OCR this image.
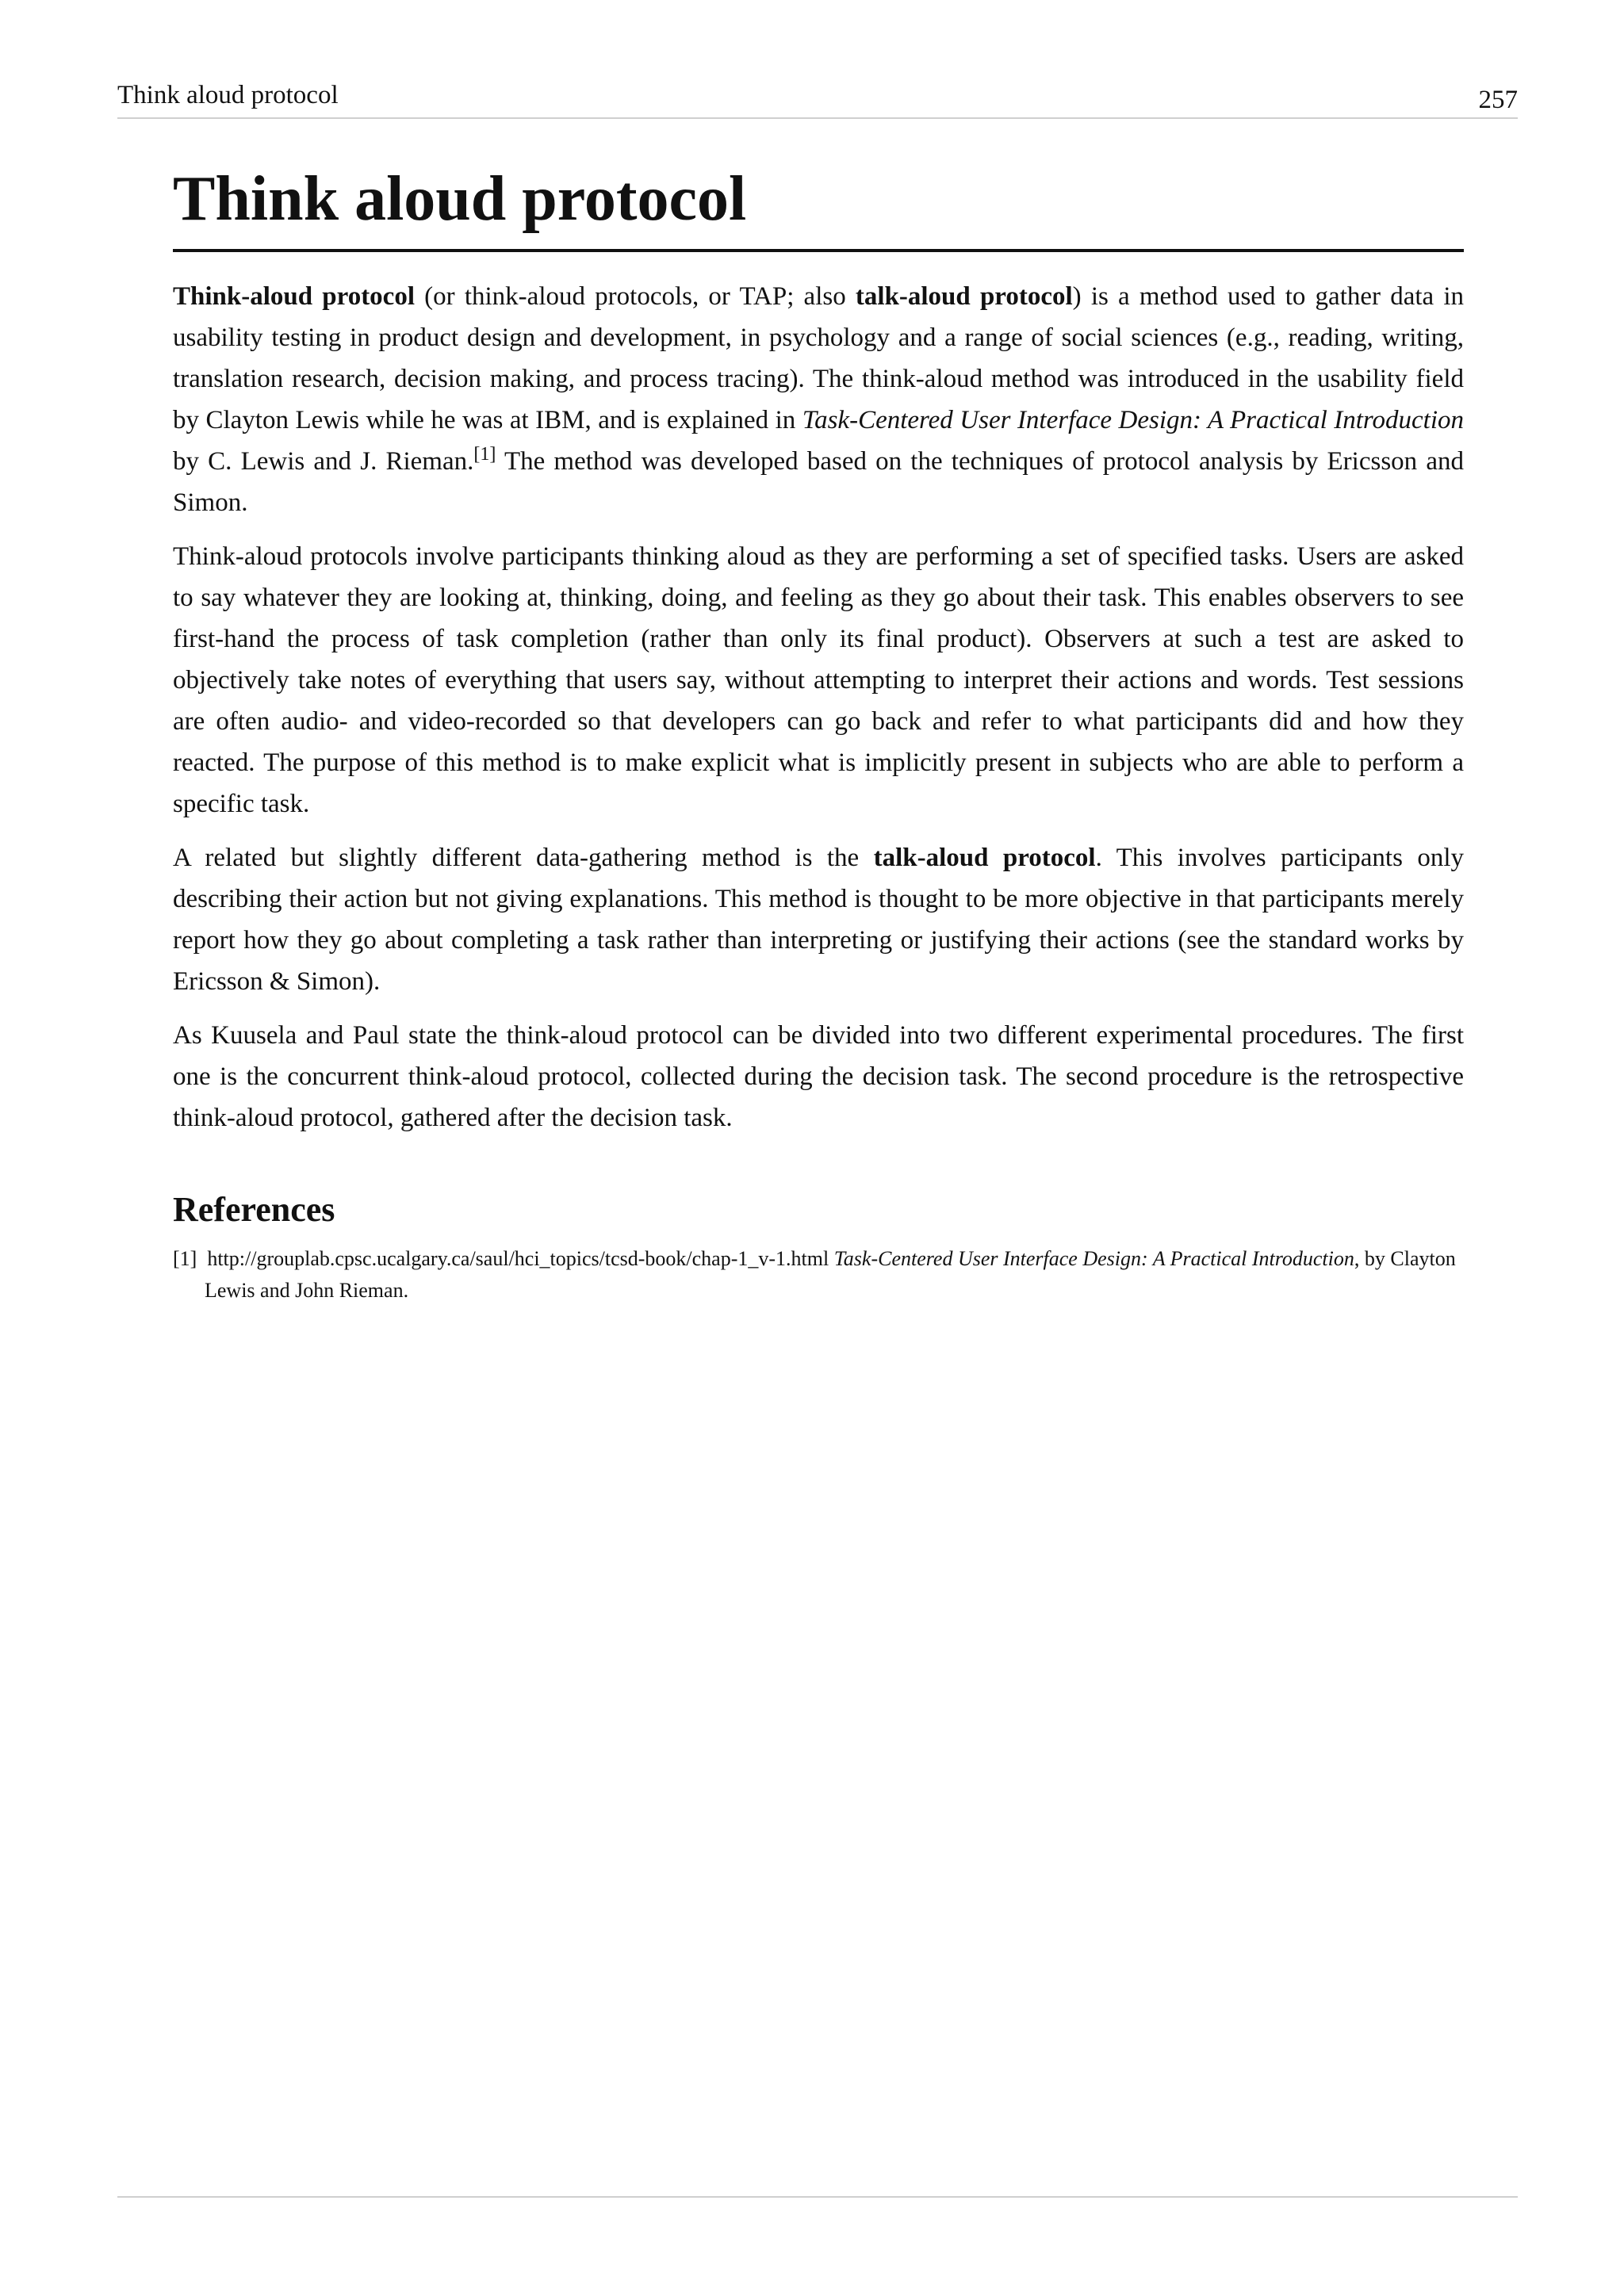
Think aloud protocol	257
Think aloud protocol

Think-aloud protocol (or think-aloud protocols, or TAP; also talk-aloud protocol) is a method used to gather data in usability testing in product design and development, in psychology and a range of social sciences (e.g., reading, writing, translation research, decision making, and process tracing). The think-aloud method was introduced in the usability field by Clayton Lewis while he was at IBM, and is explained in Task-Centered User Interface Design: A Practical Introduction by C. Lewis and J. Rieman.[1] The method was developed based on the techniques of protocol analysis by Ericsson and Simon.

Think-aloud protocols involve participants thinking aloud as they are performing a set of specified tasks. Users are asked to say whatever they are looking at, thinking, doing, and feeling as they go about their task. This enables observers to see first-hand the process of task completion (rather than only its final product). Observers at such a test are asked to objectively take notes of everything that users say, without attempting to interpret their actions and words. Test sessions are often audio- and video-recorded so that developers can go back and refer to what participants did and how they reacted. The purpose of this method is to make explicit what is implicitly present in subjects who are able to perform a specific task.

A related but slightly different data-gathering method is the talk-aloud protocol. This involves participants only describing their action but not giving explanations. This method is thought to be more objective in that participants merely report how they go about completing a task rather than interpreting or justifying their actions (see the standard works by Ericsson & Simon).

As Kuusela and Paul state the think-aloud protocol can be divided into two different experimental procedures. The first one is the concurrent think-aloud protocol, collected during the decision task. The second procedure is the retrospective think-aloud protocol, gathered after the decision task.

References

[1] http://grouplab.cpsc.ucalgary.ca/saul/hci_topics/tcsd-book/chap-1_v-1.html Task-Centered User Interface Design: A Practical Introduction, by Clayton Lewis and John Rieman.
